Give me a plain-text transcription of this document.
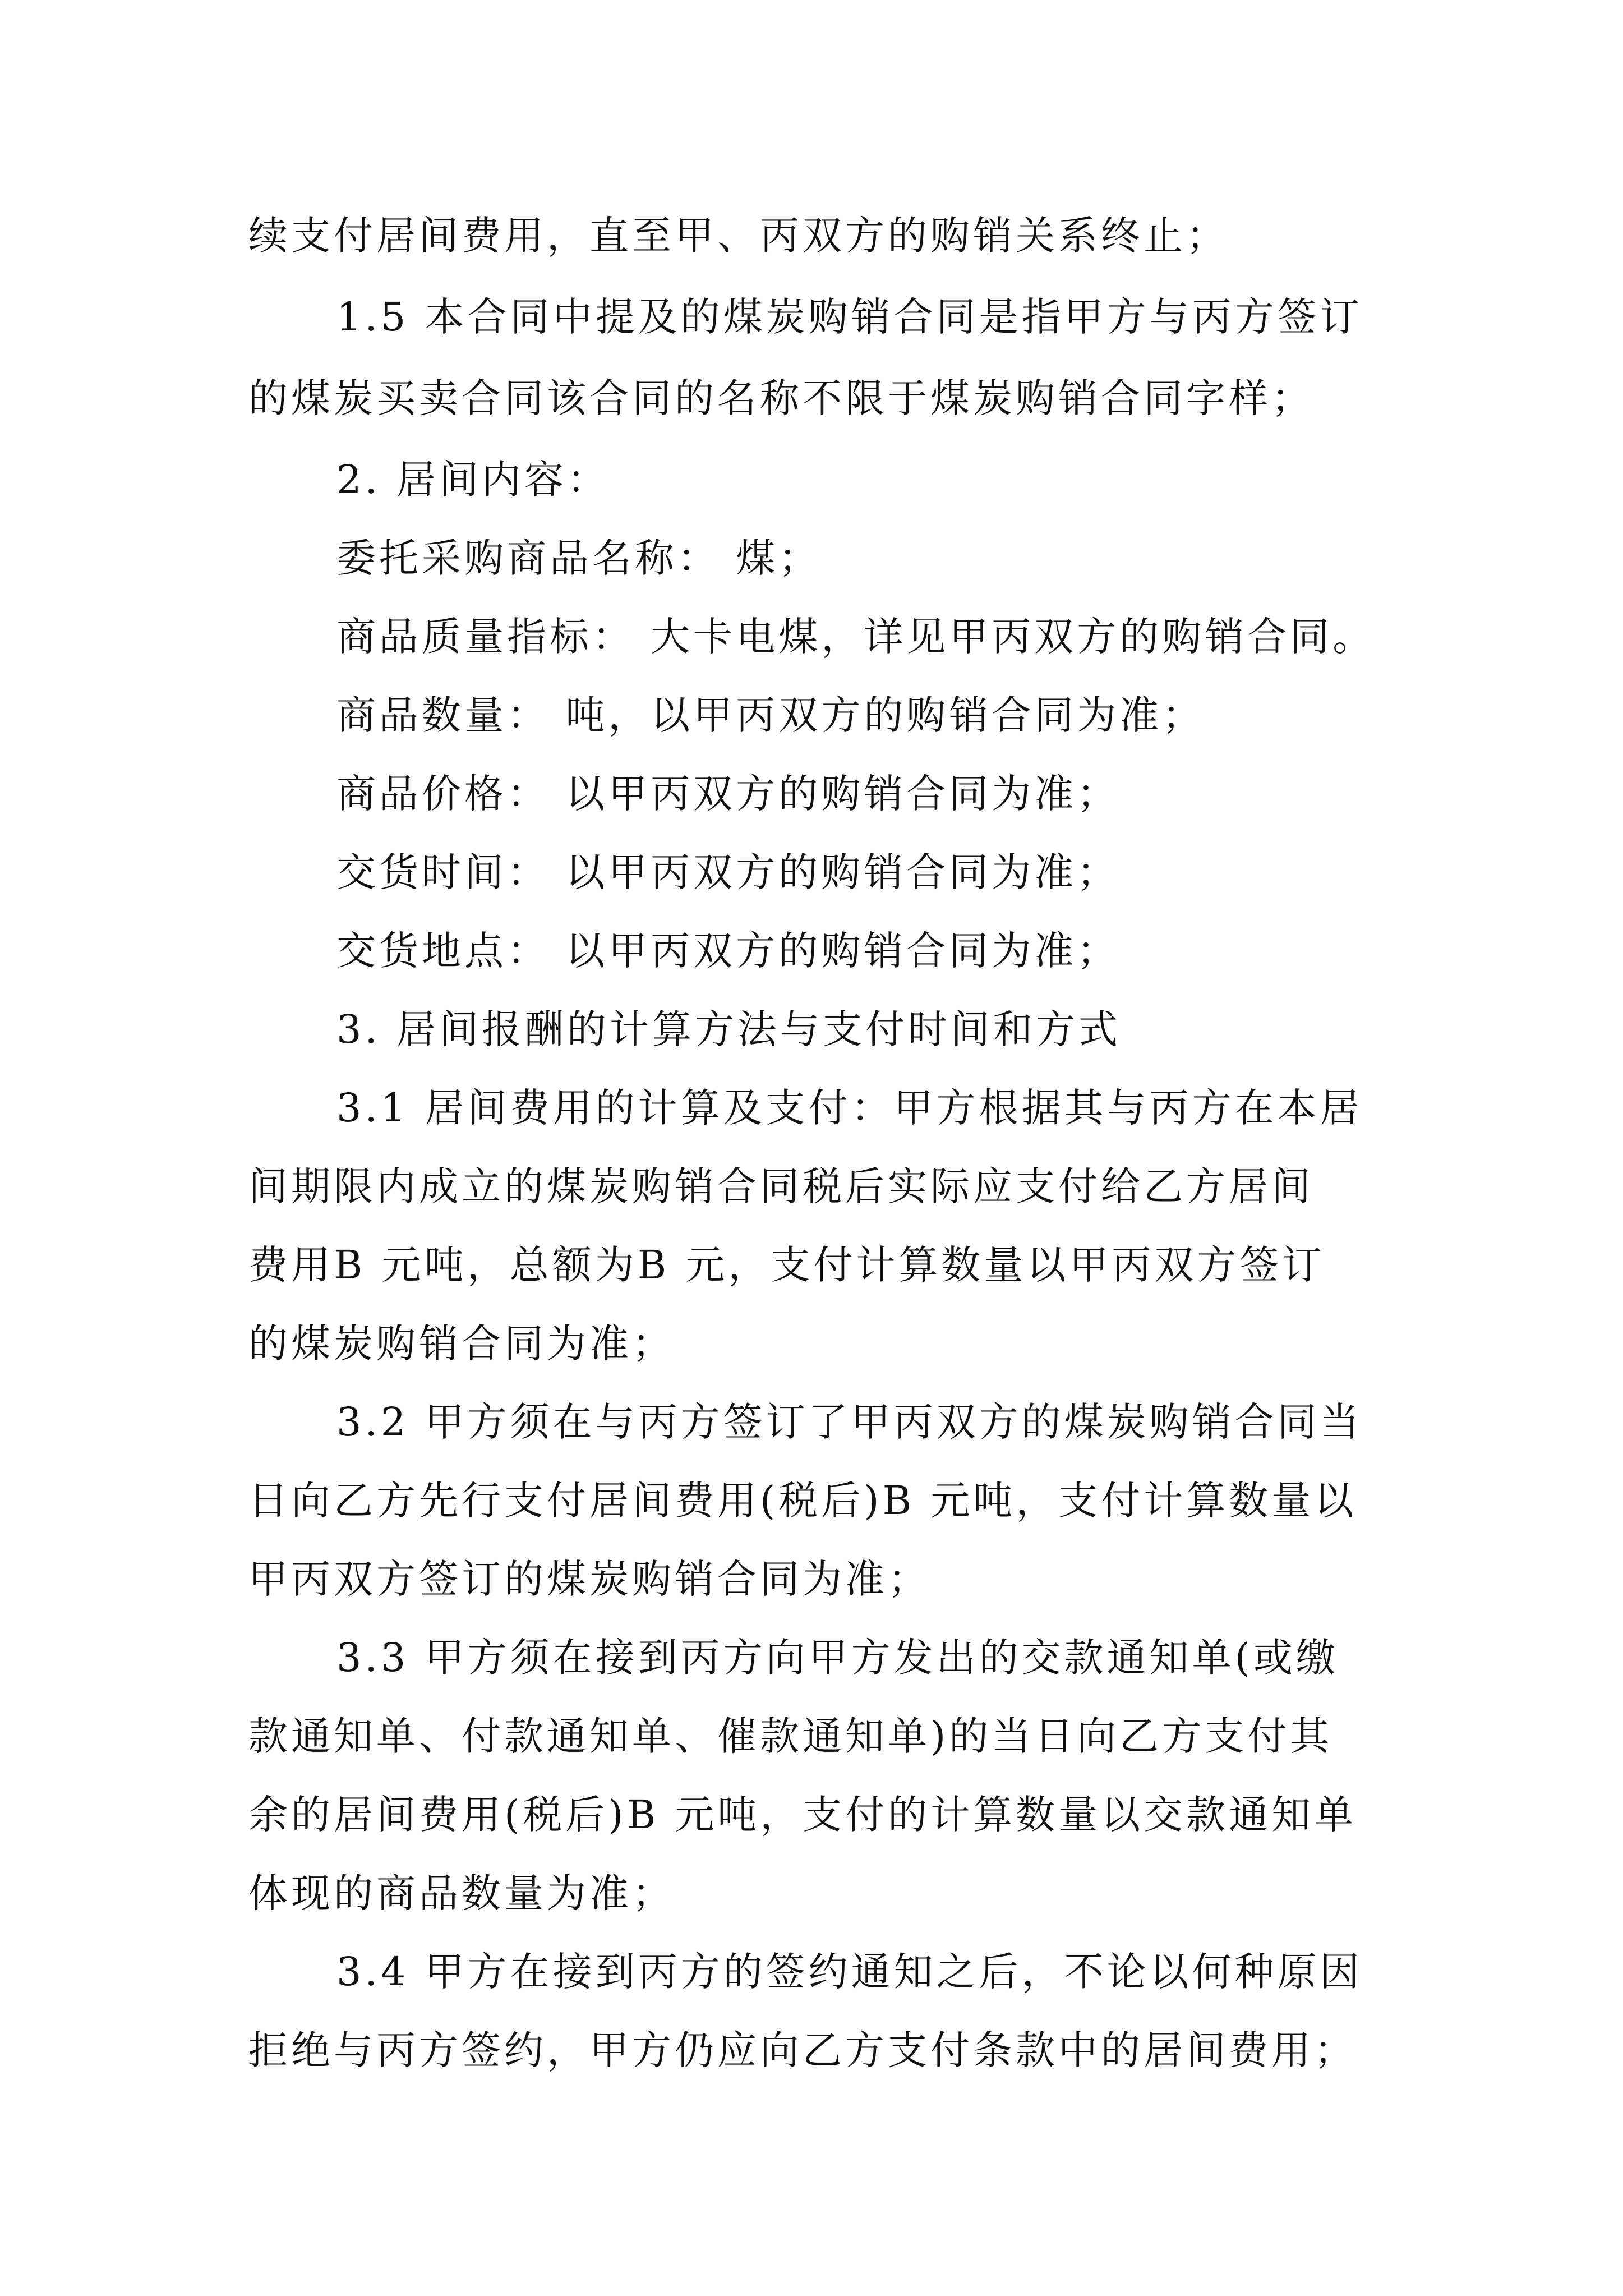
续支付居间费用，直至甲、丙双方的购销关系终止；
1.5 本合同中提及的煤炭购销合同是指甲方与丙方签订
的煤炭买卖合同该合同的名称不限于煤炭购销合同字样；
2. 居间内容：
委托采购商品名称： 煤；
商品质量指标： 大卡电煤，详见甲丙双方的购销合同。
商品数量： 吨，以甲丙双方的购销合同为准；
商品价格： 以甲丙双方的购销合同为准；
交货时间： 以甲丙双方的购销合同为准；
交货地点： 以甲丙双方的购销合同为准；
3. 居间报酬的计算方法与支付时间和方式
3.1 居间费用的计算及支付：甲方根据其与丙方在本居
间期限内成立的煤炭购销合同税后实际应支付给乙方居间
费用B 元吨，总额为B 元，支付计算数量以甲丙双方签订
的煤炭购销合同为准；
3.2 甲方须在与丙方签订了甲丙双方的煤炭购销合同当
日向乙方先行支付居间费用(税后)B 元吨，支付计算数量以
甲丙双方签订的煤炭购销合同为准；
3.3 甲方须在接到丙方向甲方发出的交款通知单(或缴
款通知单、付款通知单、催款通知单)的当日向乙方支付其
余的居间费用(税后)B 元吨，支付的计算数量以交款通知单
体现的商品数量为准；
3.4 甲方在接到丙方的签约通知之后，不论以何种原因
拒绝与丙方签约，甲方仍应向乙方支付条款中的居间费用；
